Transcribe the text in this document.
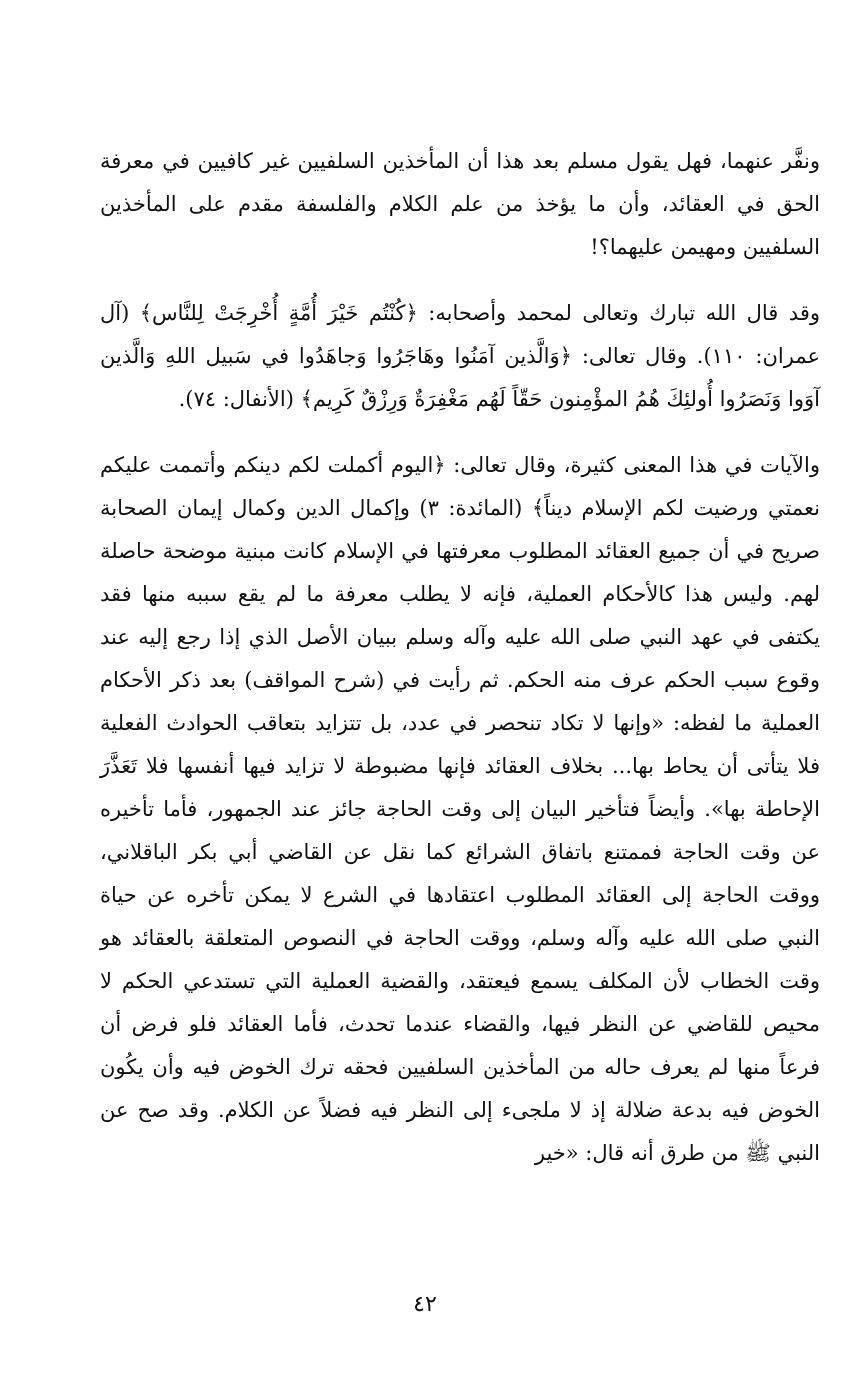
ونفَّر عنهما، فهل يقول مسلم بعد هذا أن المأخذين السلفيين غير كافيين في معرفة الحق في العقائد، وأن ما يؤخذ من علم الكلام والفلسفة مقدم على المأخذين السلفيين ومهيمن عليهما؟!

وقد قال الله تبارك وتعالى لمحمد وأصحابه: ﴿كُنْتُم خَيْرَ أُمَّةٍ أُخْرِجَتْ لِلنَّاس﴾ (آل عمران: ١١٠). وقال تعالى: ﴿وَالَّذين آمَنُوا وهَاجَرُوا وَجاهَدُوا في سَبيل اللهِ وَالَّذين آوَوا وَنَصَرُوا أُولئِكَ هُمُ المؤْمِنون حَقّاً لَهُم مَغْفِرَةٌ وَرِزْقٌ كَرِيم﴾ (الأنفال: ٧٤).

والآيات في هذا المعنى كثيرة، وقال تعالى: ﴿اليوم أكملت لكم دينكم وأتممت عليكم نعمتي ورضيت لكم الإسلام ديناً﴾ (المائدة: ٣) وإكمال الدين وكمال إيمان الصحابة صريح في أن جميع العقائد المطلوب معرفتها في الإسلام كانت مبنية موضحة حاصلة لهم. وليس هذا كالأحكام العملية، فإنه لا يطلب معرفة ما لم يقع سببه منها فقد يكتفى في عهد النبي صلى الله عليه وآله وسلم ببيان الأصل الذي إذا رجع إليه عند وقوع سبب الحكم عرف منه الحكم. ثم رأيت في (شرح المواقف) بعد ذكر الأحكام العملية ما لفظه: «وإنها لا تكاد تنحصر في عدد، بل تتزايد بتعاقب الحوادث الفعلية فلا يتأتى أن يحاط بها... بخلاف العقائد فإنها مضبوطة لا تزايد فيها أنفسها فلا تَعَذَّرَ الإحاطة بها». وأيضاً فتأخير البيان إلى وقت الحاجة جائز عند الجمهور، فأما تأخيره عن وقت الحاجة فممتنع باتفاق الشرائع كما نقل عن القاضي أبي بكر الباقلاني، ووقت الحاجة إلى العقائد المطلوب اعتقادها في الشرع لا يمكن تأخره عن حياة النبي صلى الله عليه وآله وسلم، ووقت الحاجة في النصوص المتعلقة بالعقائد هو وقت الخطاب لأن المكلف يسمع فيعتقد، والقضية العملية التي تستدعي الحكم لا محيص للقاضي عن النظر فيها، والقضاء عندما تحدث، فأما العقائد فلو فرض أن فرعاً منها لم يعرف حاله من المأخذين السلفيين فحقه ترك الخوض فيه وأن يكُون الخوض فيه بدعة ضلالة إذ لا ملجىء إلى النظر فيه فضلاً عن الكلام. وقد صح عن النبي ﷺ من طرق أنه قال: «خير

٤٢
